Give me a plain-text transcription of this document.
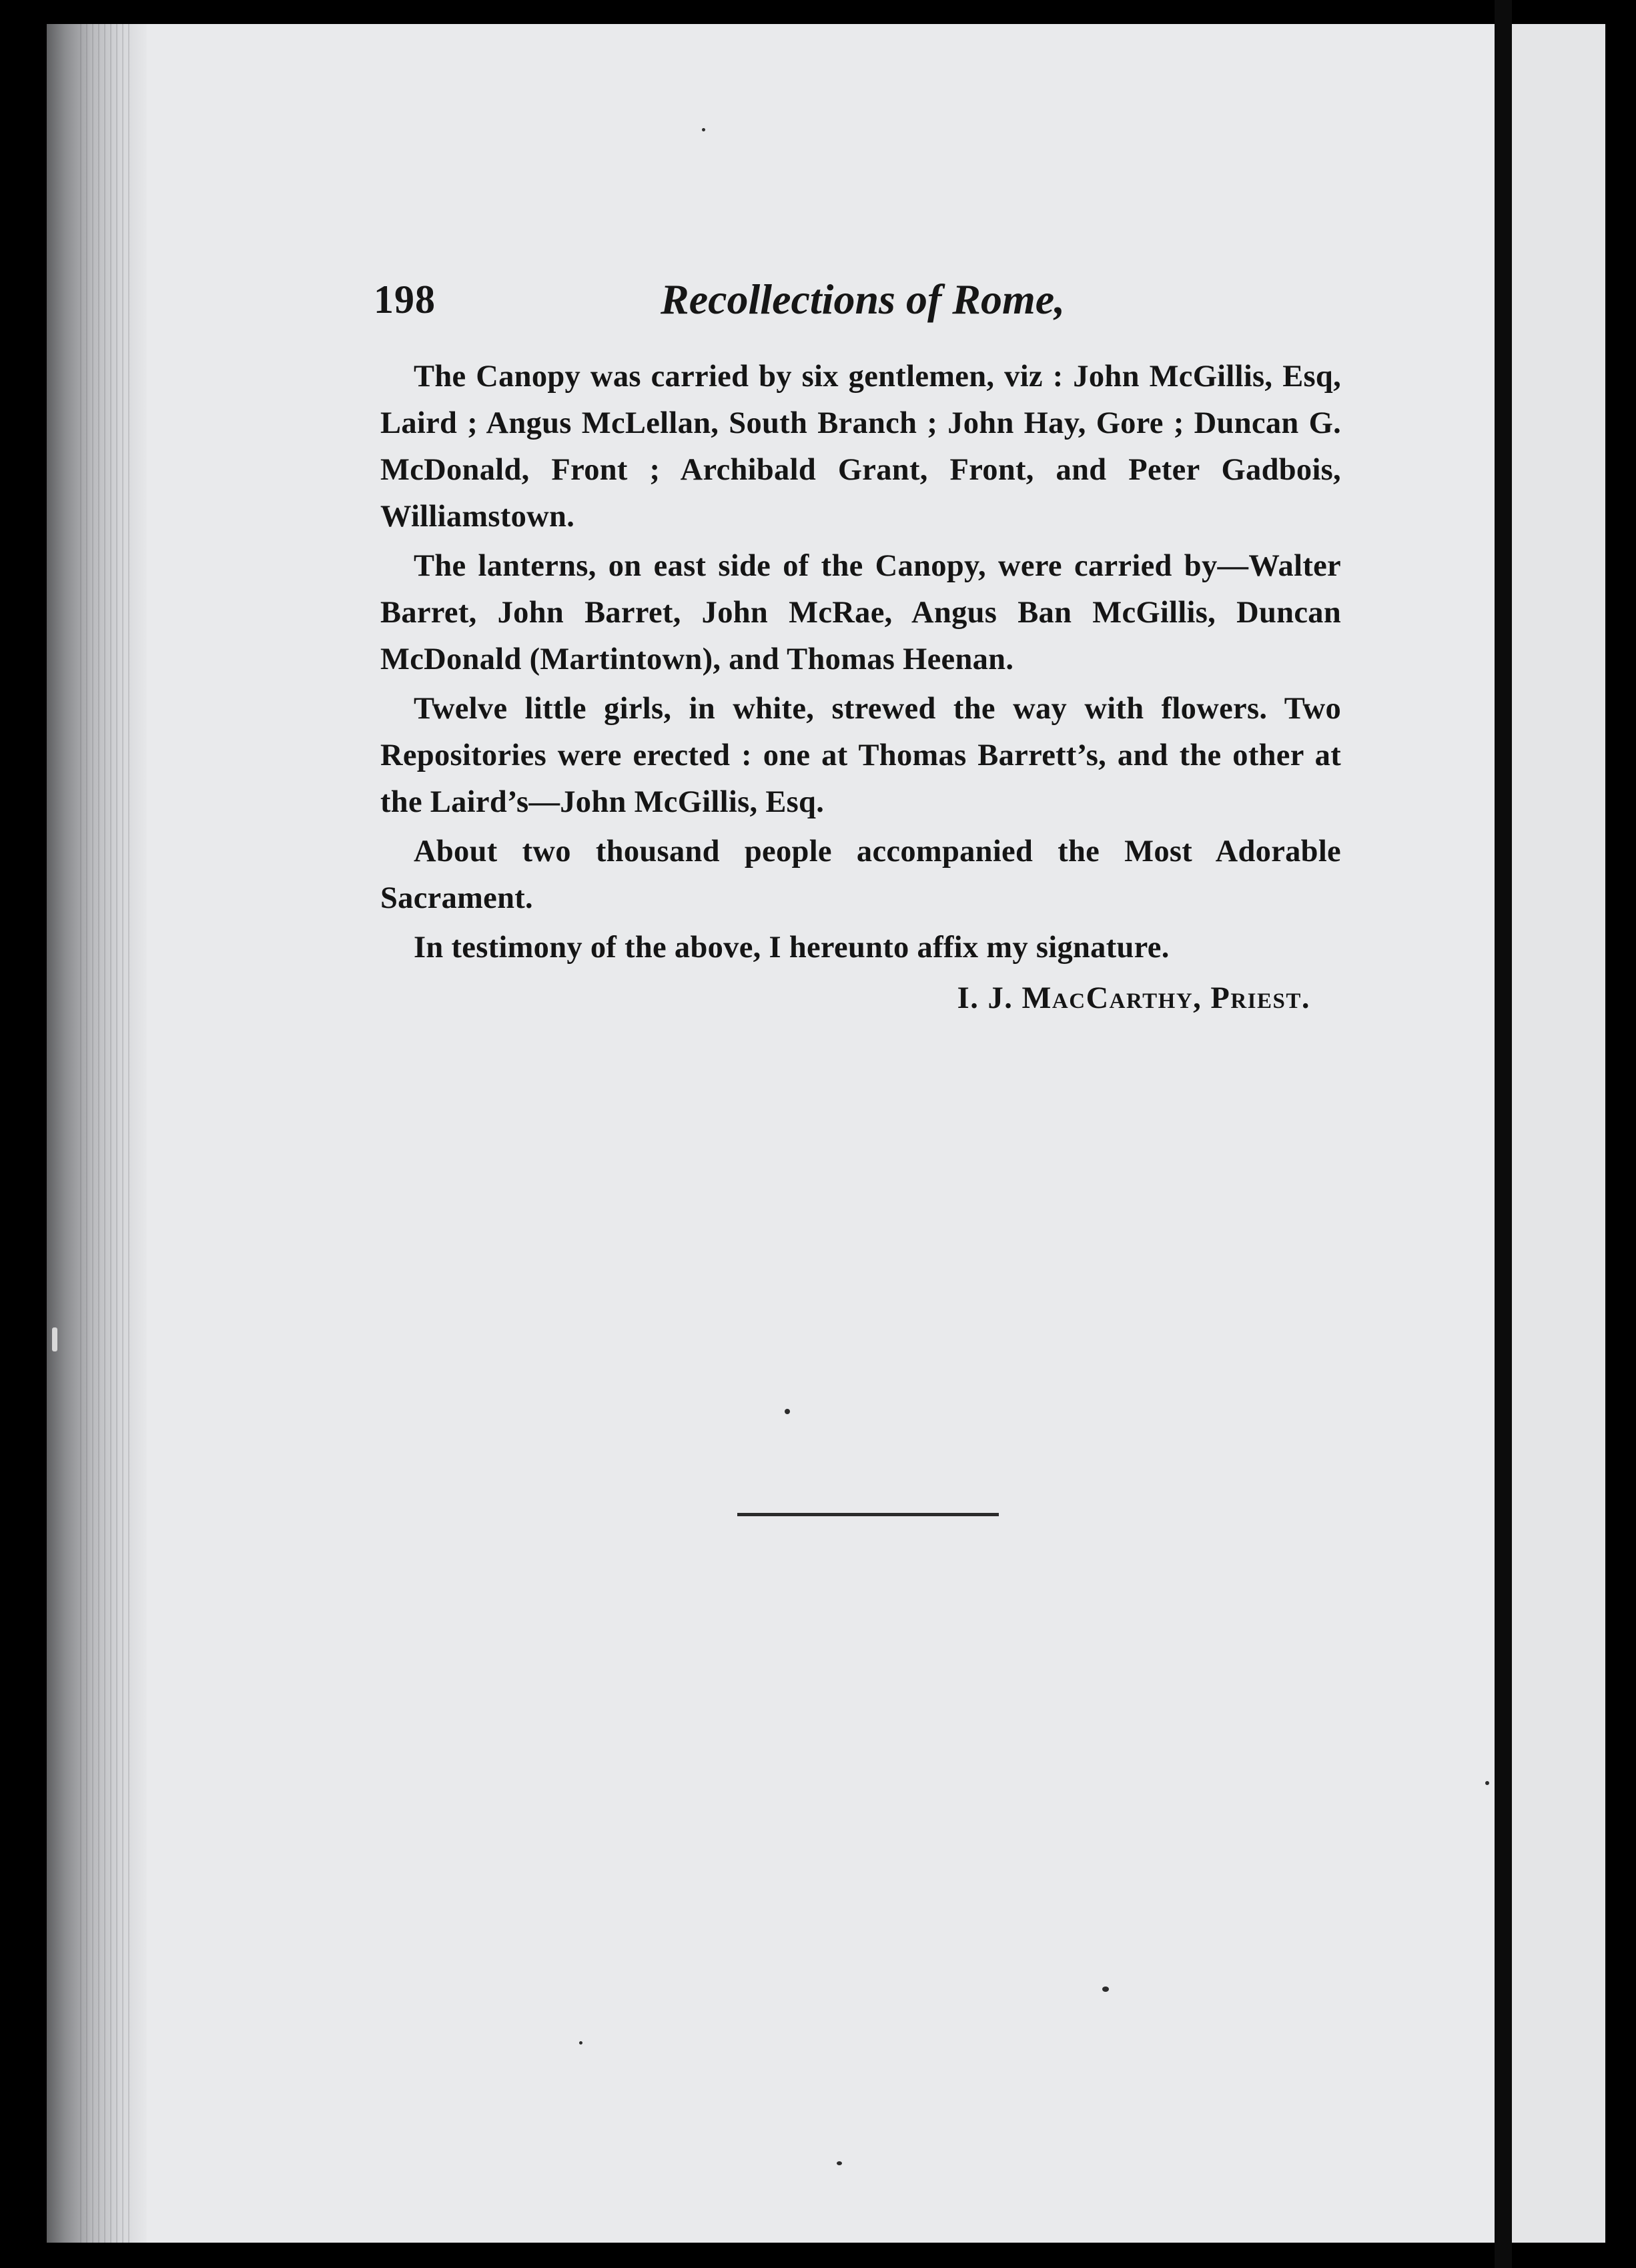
198	Recollections of Rome,

The Canopy was carried by six gentlemen, viz : John McGillis, Esq, Laird ; Angus McLellan, South Branch ; John Hay, Gore ; Duncan G. McDonald, Front ; Archibald Grant, Front, and Peter Gadbois, Williamstown.

The lanterns, on east side of the Canopy, were carried by—Walter Barret, John Barret, John McRae, Angus Ban McGillis, Duncan McDonald (Martintown), and Thomas Heenan.

Twelve little girls, in white, strewed the way with flowers. Two Repositories were erected : one at Thomas Barrett’s, and the other at the Laird’s—John McGillis, Esq.

About two thousand people accompanied the Most Adorable Sacrament.

In testimony of the above, I hereunto affix my signature.

I. J. MacCarthy, Priest.
